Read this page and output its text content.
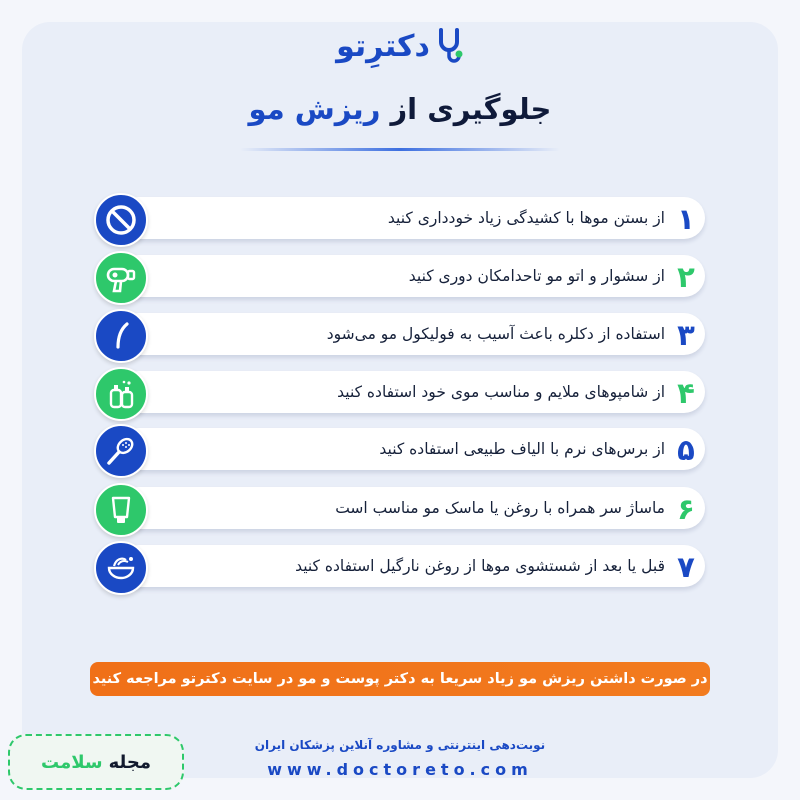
دکترِتو
جلوگیری از ریزش مو
از بستن موها با کشیدگی زیاد خودداری کنید ۱
از سشوار و اتو مو تاحدامکان دوری کنید ۲
استفاده از دکلره باعث آسیب به فولیکول مو می‌شود ۳
از شامپوهای ملایم و مناسب موی خود استفاده کنید ۴
از برس‌های نرم با الیاف طبیعی استفاده کنید ۵
ماساژ سر همراه با روغن یا ماسک مو مناسب است ۶
قبل یا بعد از شستشوی موها از روغن نارگیل استفاده کنید ۷
در صورت داشتن ریزش مو زیاد سریعا به دکتر پوست و مو در سایت دکترتو مراجعه کنید
مجله
سلامت
نوبت‌دهی اینترنتی و مشاوره آنلاین پزشکان ایران
www.doctoreto.com
